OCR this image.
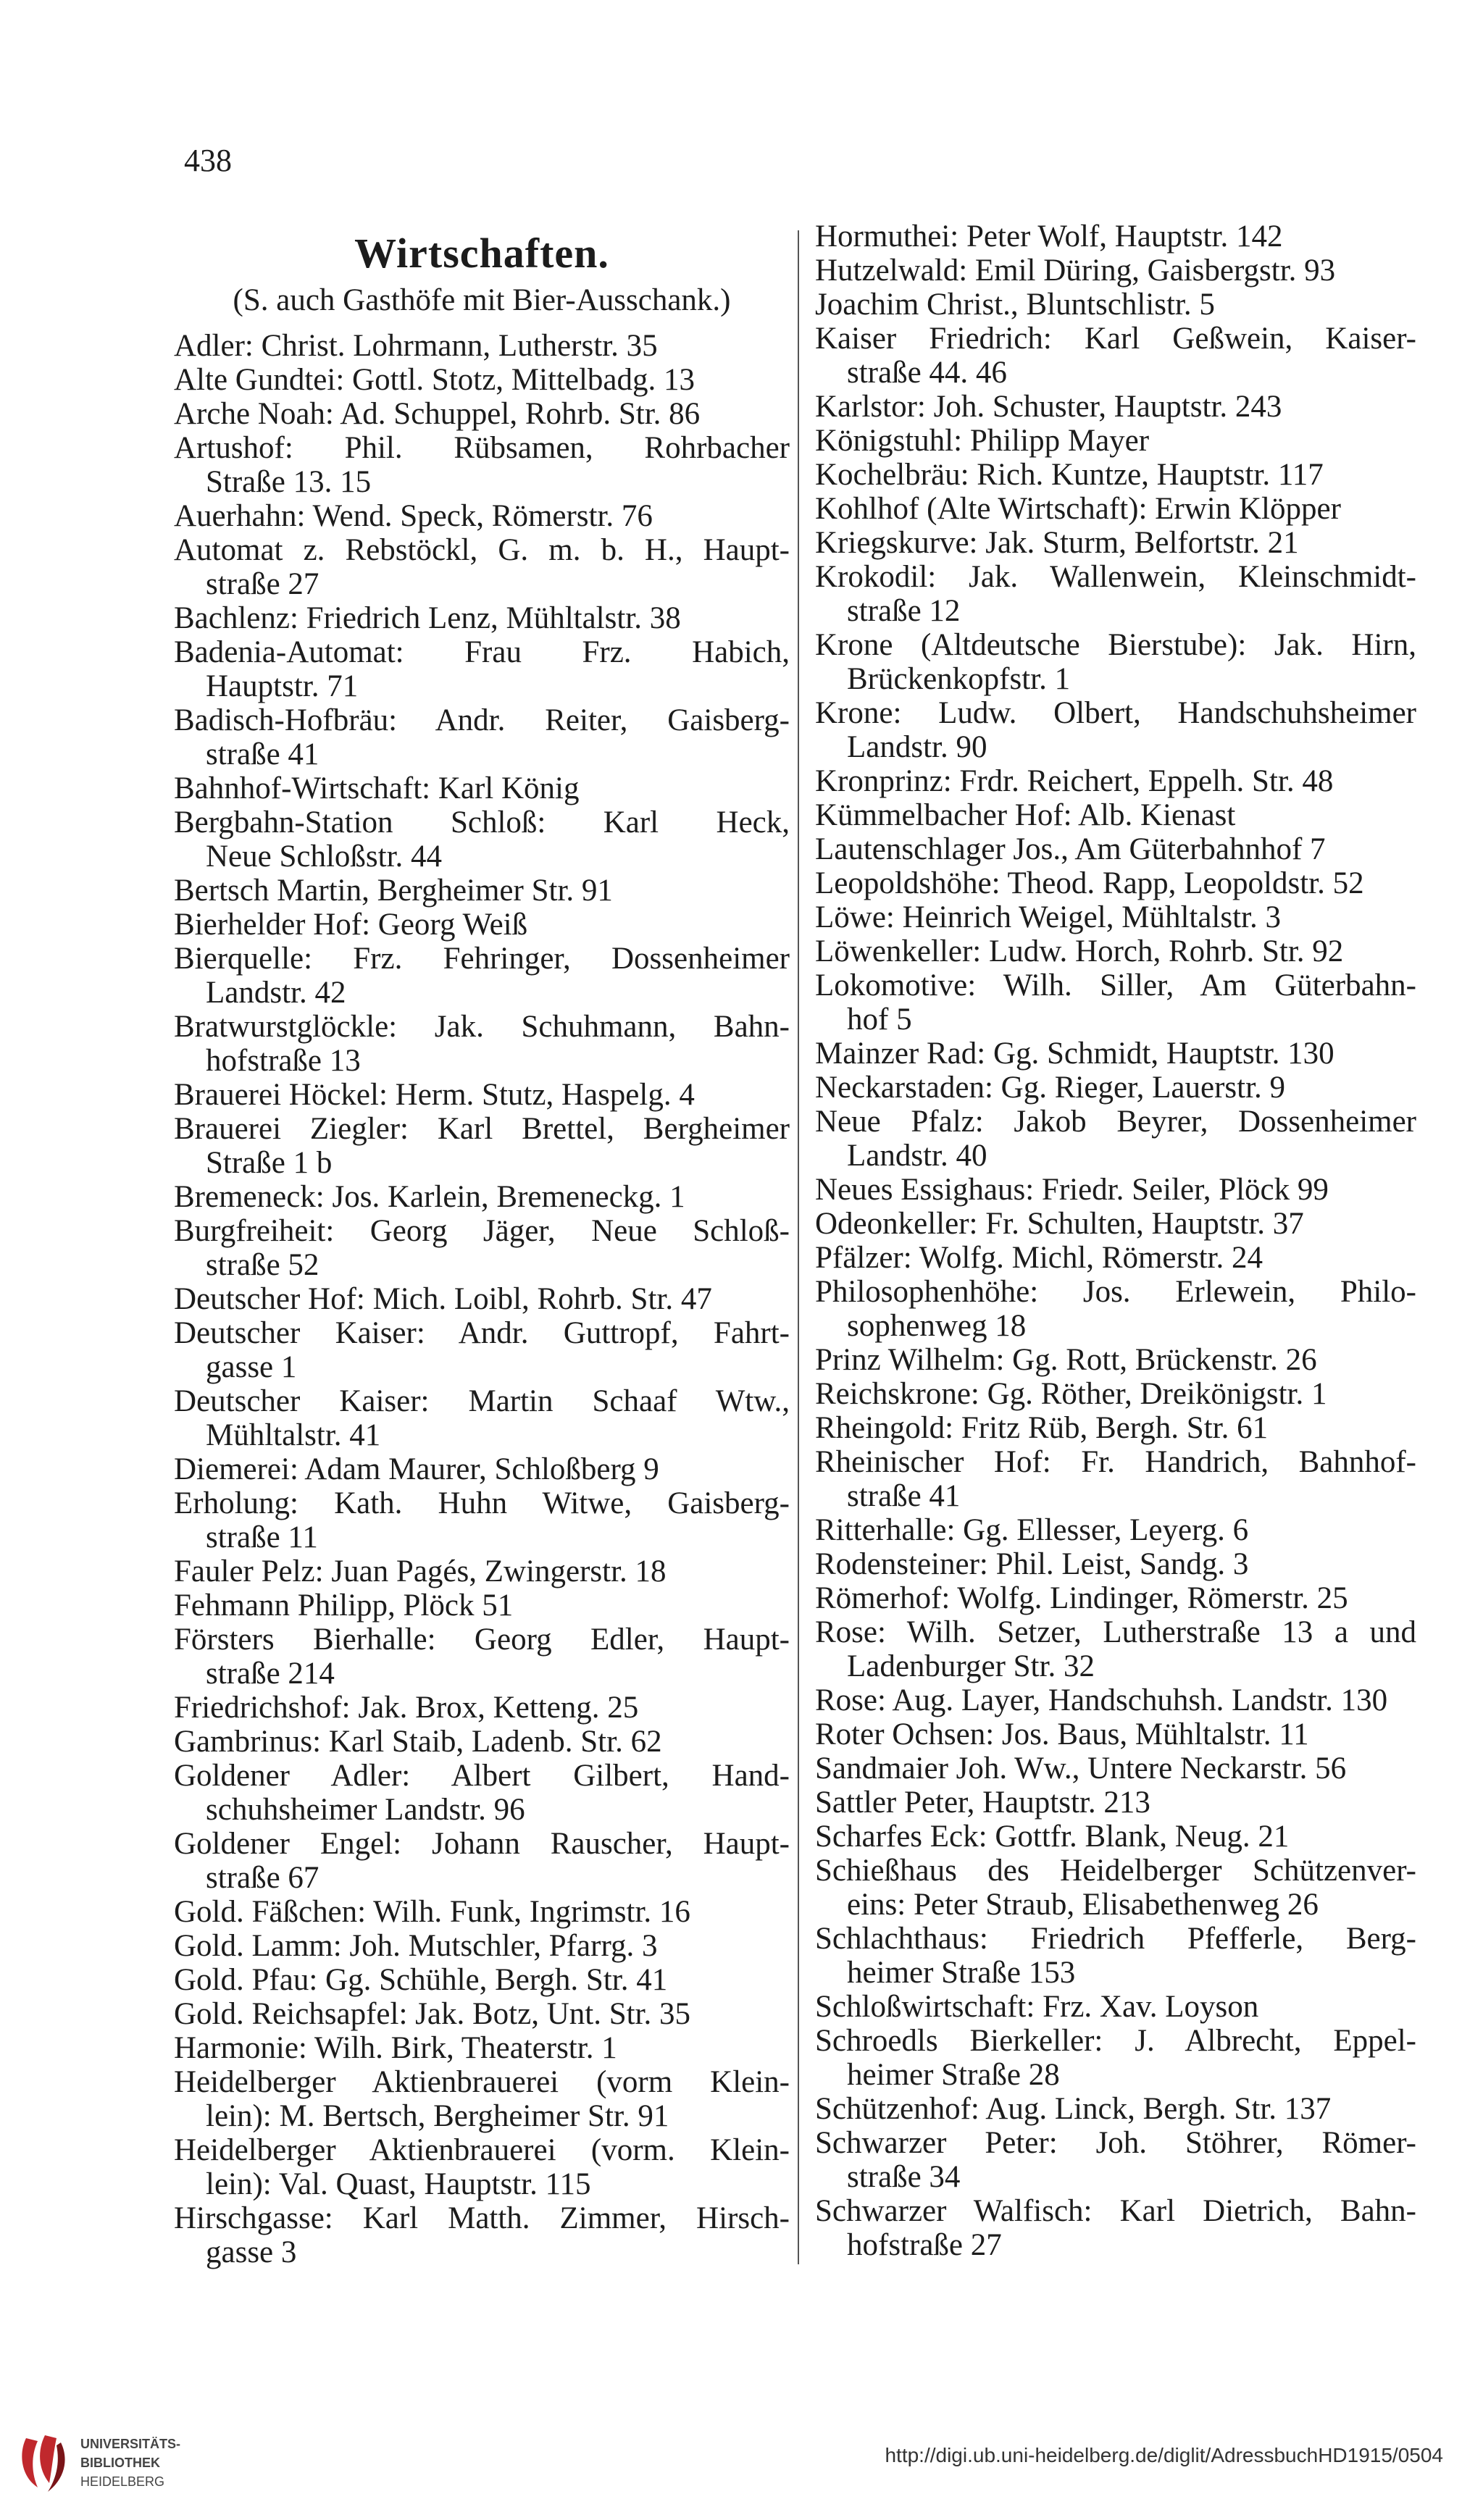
438
Wirtschaften.
(S. auch Gasthöfe mit Bier-Ausschank.)
Adler: Christ. Lohrmann, Lutherstr. 35
Alte Gundtei: Gottl. Stotz, Mittelbadg. 13
Arche Noah: Ad. Schuppel, Rohrb. Str. 86
Artushof: Phil. Rübsamen, Rohrbacher
Straße 13. 15
Auerhahn: Wend. Speck, Römerstr. 76
Automat z. Rebstöckl, G. m. b. H., Haupt-
straße 27
Bachlenz: Friedrich Lenz, Mühltalstr. 38
Badenia-Automat: Frau Frz. Habich,
Hauptstr. 71
Badisch-Hofbräu: Andr. Reiter, Gaisberg-
straße 41
Bahnhof-Wirtschaft: Karl König
Bergbahn-Station Schloß: Karl Heck,
Neue Schloßstr. 44
Bertsch Martin, Bergheimer Str. 91
Bierhelder Hof: Georg Weiß
Bierquelle: Frz. Fehringer, Dossenheimer
Landstr. 42
Bratwurstglöckle: Jak. Schuhmann, Bahn-
hofstraße 13
Brauerei Höckel: Herm. Stutz, Haspelg. 4
Brauerei Ziegler: Karl Brettel, Bergheimer
Straße 1 b
Bremeneck: Jos. Karlein, Bremeneckg. 1
Burgfreiheit: Georg Jäger, Neue Schloß-
straße 52
Deutscher Hof: Mich. Loibl, Rohrb. Str. 47
Deutscher Kaiser: Andr. Guttropf, Fahrt-
gasse 1
Deutscher Kaiser: Martin Schaaf Wtw.,
Mühltalstr. 41
Diemerei: Adam Maurer, Schloßberg 9
Erholung: Kath. Huhn Witwe, Gaisberg-
straße 11
Fauler Pelz: Juan Pagés, Zwingerstr. 18
Fehmann Philipp, Plöck 51
Försters Bierhalle: Georg Edler, Haupt-
straße 214
Friedrichshof: Jak. Brox, Ketteng. 25
Gambrinus: Karl Staib, Ladenb. Str. 62
Goldener Adler: Albert Gilbert, Hand-
schuhsheimer Landstr. 96
Goldener Engel: Johann Rauscher, Haupt-
straße 67
Gold. Fäßchen: Wilh. Funk, Ingrimstr. 16
Gold. Lamm: Joh. Mutschler, Pfarrg. 3
Gold. Pfau: Gg. Schühle, Bergh. Str. 41
Gold. Reichsapfel: Jak. Botz, Unt. Str. 35
Harmonie: Wilh. Birk, Theaterstr. 1
Heidelberger Aktienbrauerei (vorm Klein-
lein): M. Bertsch, Bergheimer Str. 91
Heidelberger Aktienbrauerei (vorm. Klein-
lein): Val. Quast, Hauptstr. 115
Hirschgasse: Karl Matth. Zimmer, Hirsch-
gasse 3
Hormuthei: Peter Wolf, Hauptstr. 142
Hutzelwald: Emil Düring, Gaisbergstr. 93
Joachim Christ., Bluntschlistr. 5
Kaiser Friedrich: Karl Geßwein, Kaiser-
straße 44. 46
Karlstor: Joh. Schuster, Hauptstr. 243
Königstuhl: Philipp Mayer
Kochelbräu: Rich. Kuntze, Hauptstr. 117
Kohlhof (Alte Wirtschaft): Erwin Klöpper
Kriegskurve: Jak. Sturm, Belfortstr. 21
Krokodil: Jak. Wallenwein, Kleinschmidt-
straße 12
Krone (Altdeutsche Bierstube): Jak. Hirn,
Brückenkopfstr. 1
Krone: Ludw. Olbert, Handschuhsheimer
Landstr. 90
Kronprinz: Frdr. Reichert, Eppelh. Str. 48
Kümmelbacher Hof: Alb. Kienast
Lautenschlager Jos., Am Güterbahnhof 7
Leopoldshöhe: Theod. Rapp, Leopoldstr. 52
Löwe: Heinrich Weigel, Mühltalstr. 3
Löwenkeller: Ludw. Horch, Rohrb. Str. 92
Lokomotive: Wilh. Siller, Am Güterbahn-
hof 5
Mainzer Rad: Gg. Schmidt, Hauptstr. 130
Neckarstaden: Gg. Rieger, Lauerstr. 9
Neue Pfalz: Jakob Beyrer, Dossenheimer
Landstr. 40
Neues Essighaus: Friedr. Seiler, Plöck 99
Odeonkeller: Fr. Schulten, Hauptstr. 37
Pfälzer: Wolfg. Michl, Römerstr. 24
Philosophenhöhe: Jos. Erlewein, Philo-
sophenweg 18
Prinz Wilhelm: Gg. Rott, Brückenstr. 26
Reichskrone: Gg. Röther, Dreikönigstr. 1
Rheingold: Fritz Rüb, Bergh. Str. 61
Rheinischer Hof: Fr. Handrich, Bahnhof-
straße 41
Ritterhalle: Gg. Ellesser, Leyerg. 6
Rodensteiner: Phil. Leist, Sandg. 3
Römerhof: Wolfg. Lindinger, Römerstr. 25
Rose: Wilh. Setzer, Lutherstraße 13 a und
Ladenburger Str. 32
Rose: Aug. Layer, Handschuhsh. Landstr. 130
Roter Ochsen: Jos. Baus, Mühltalstr. 11
Sandmaier Joh. Ww., Untere Neckarstr. 56
Sattler Peter, Hauptstr. 213
Scharfes Eck: Gottfr. Blank, Neug. 21
Schießhaus des Heidelberger Schützenver-
eins: Peter Straub, Elisabethenweg 26
Schlachthaus: Friedrich Pfefferle, Berg-
heimer Straße 153
Schloßwirtschaft: Frz. Xav. Loyson
Schroedls Bierkeller: J. Albrecht, Eppel-
heimer Straße 28
Schützenhof: Aug. Linck, Bergh. Str. 137
Schwarzer Peter: Joh. Stöhrer, Römer-
straße 34
Schwarzer Walfisch: Karl Dietrich, Bahn-
hofstraße 27
UNIVERSITÄTS-
BIBLIOTHEK
HEIDELBERG
http://digi.ub.uni-heidelberg.de/diglit/AdressbuchHD1915/0504
